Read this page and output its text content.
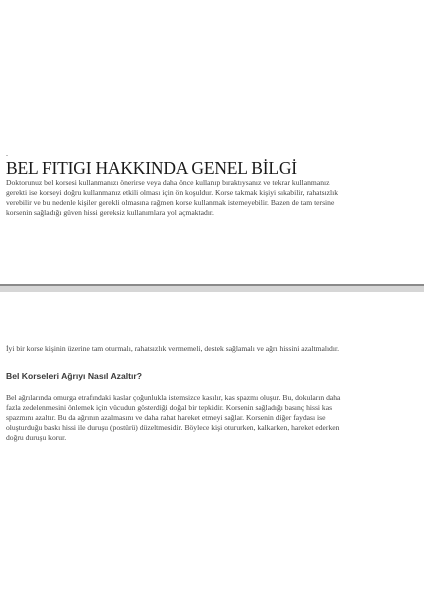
.
BEL FITIGI HAKKINDA GENEL BİLGİ

Doktorunuz bel korsesi kullanmanızı önerirse veya daha önce kullanıp bıraktıysanız ve tekrar kullanmanız
gerekti ise korseyi doğru kullanmanız etkili olması için ön koşuldur. Korse takmak kişiyi sıkabilir, rahatsızlık
verebilir ve bu nedenle kişiler gerekli olmasına rağmen korse kullanmak istemeyebilir. Bazen de tam tersine
korsenin sağladığı güven hissi gereksiz kullanımlara yol açmaktadır.

İyi bir korse kişinin üzerine tam oturmalı, rahatsızlık vermemeli, destek sağlamalı ve ağrı hissini azaltmalıdır.

Bel Korseleri Ağrıyı Nasıl Azaltır?

Bel ağrılarında omurga etrafındaki kaslar çoğunlukla istemsizce kasılır, kas spazmı oluşur. Bu, dokuların daha
fazla zedelenmesini önlemek için vücudun gösterdiği doğal bir tepkidir. Korsenin sağladığı basınç hissi kas
spazmını azaltır. Bu da ağrının azalmasını ve daha rahat hareket etmeyi sağlar. Korsenin diğer faydası ise
oluşturduğu baskı hissi ile duruşu (postürü) düzeltmesidir. Böylece kişi otururken, kalkarken, hareket ederken
doğru duruşu korur.
